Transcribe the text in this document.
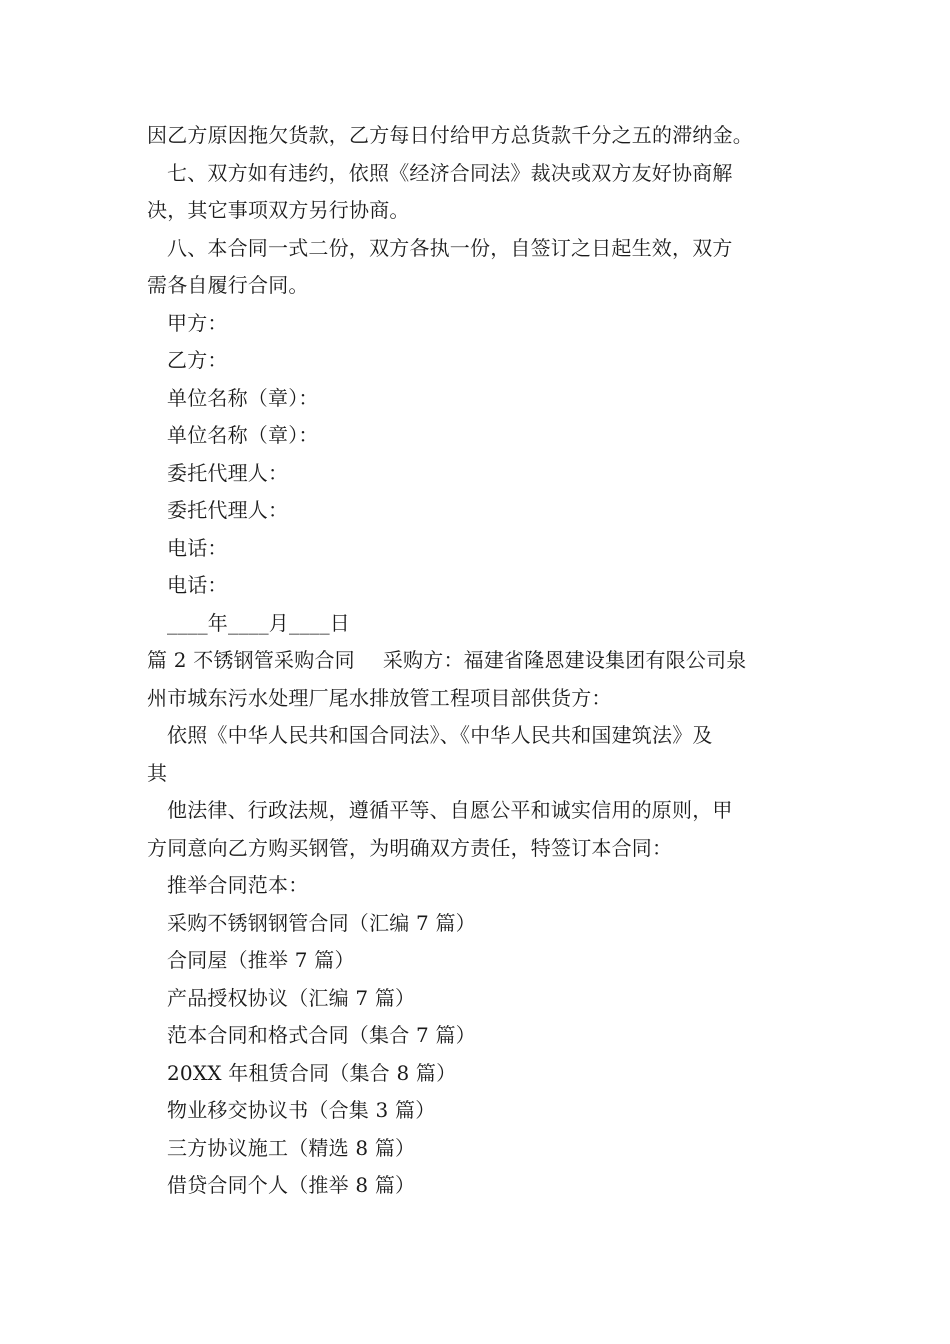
因乙方原因拖欠货款，乙方每日付给甲方总货款千分之五的滞纳金。
七、双方如有违约，依照《经济合同法》裁决或双方友好协商解
决，其它事项双方另行协商。
八、本合同一式二份，双方各执一份，自签订之日起生效，双方
需各自履行合同。
甲方：
乙方：
单位名称（章）：
单位名称（章）：
委托代理人：
委托代理人：
电话：
电话：
____年____月____日
篇 2 不锈钢管采购合同 采购方：福建省隆恩建设集团有限公司泉
州市城东污水处理厂尾水排放管工程项目部供货方：
依照《中华人民共和国合同法》、《中华人民共和国建筑法》及
其
他法律、行政法规，遵循平等、自愿公平和诚实信用的原则，甲
方同意向乙方购买钢管，为明确双方责任，特签订本合同：
推举合同范本：
采购不锈钢钢管合同（汇编 7 篇）
合同屋（推举 7 篇）
产品授权协议（汇编 7 篇）
范本合同和格式合同（集合 7 篇）
20XX 年租赁合同（集合 8 篇）
物业移交协议书（合集 3 篇）
三方协议施工（精选 8 篇）
借贷合同个人（推举 8 篇）
